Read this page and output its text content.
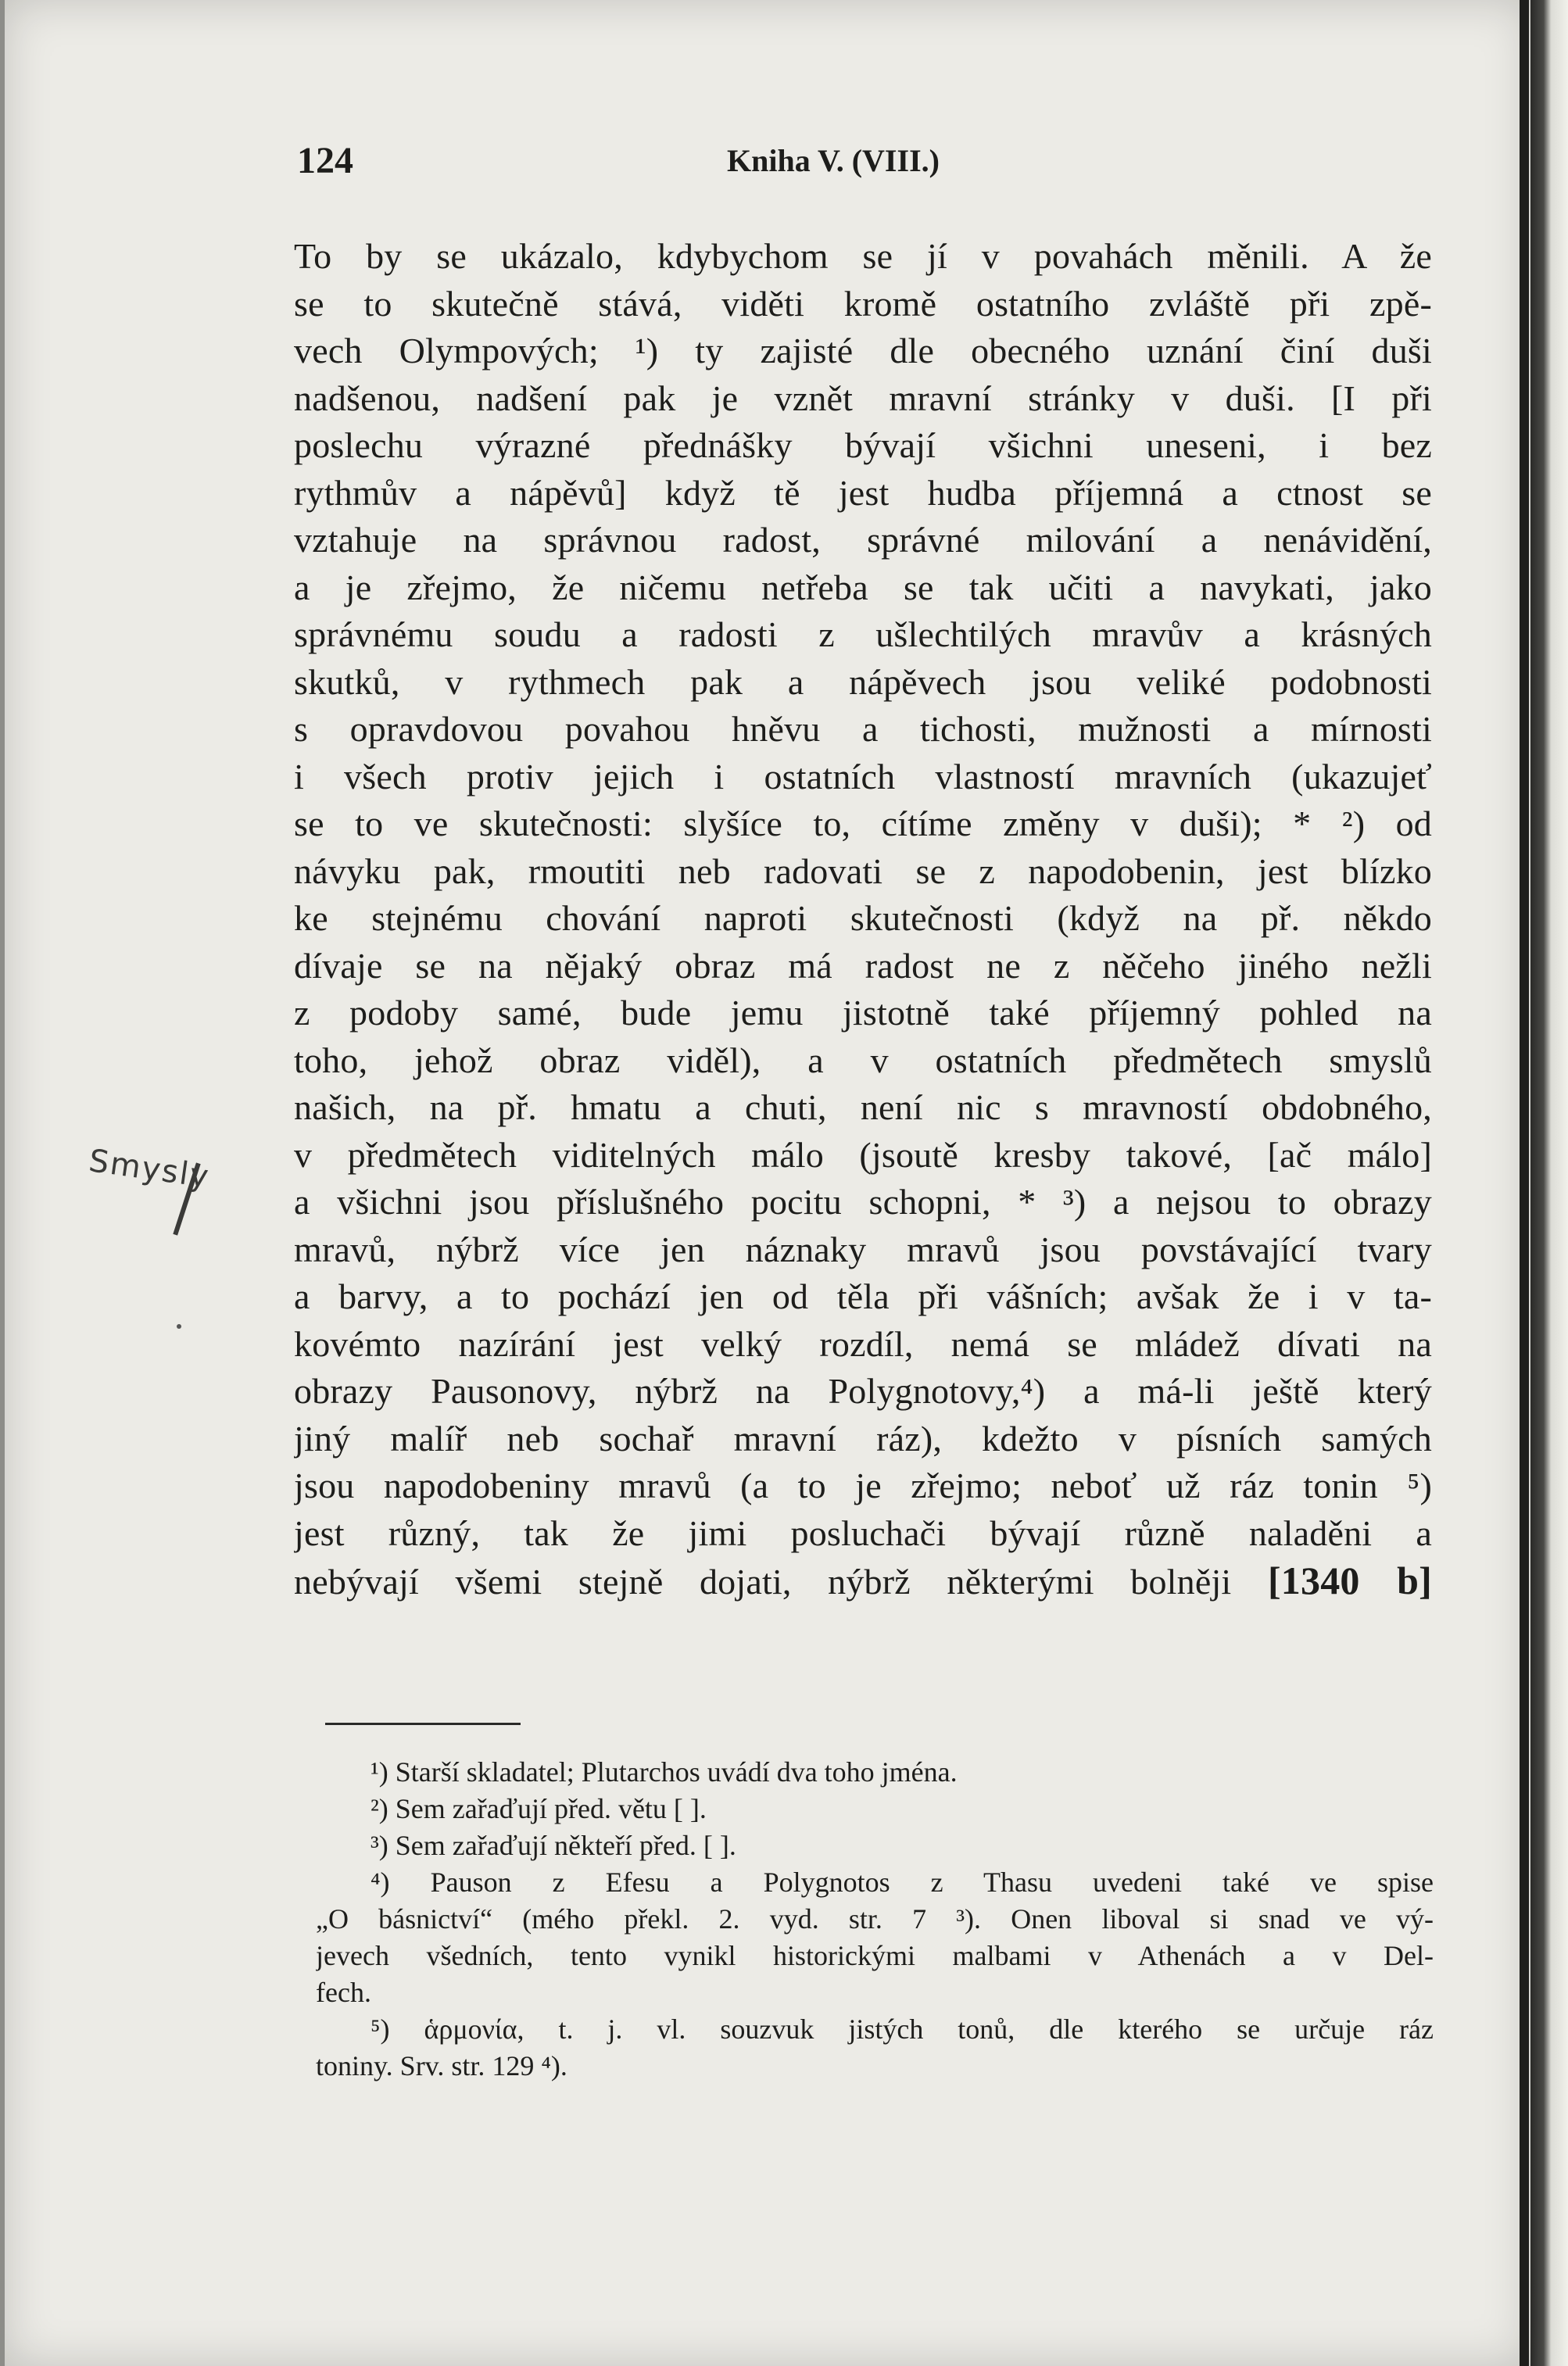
124	Kniha V. (VIII.)
To by se ukázalo, kdybychom se jí v povahách měnili. A že
se to skutečně stává, viděti kromě ostatního zvláště při zpě-
vech Olympových; ¹) ty zajisté dle obecného uznání činí duši
nadšenou, nadšení pak je vznět mravní stránky v duši. [I při
poslechu výrazné přednášky bývají všichni uneseni, i bez
rythmův a nápěvů] když tě jest hudba příjemná a ctnost se
vztahuje na správnou radost, správné milování a nenávidění,
a je zřejmo, že ničemu netřeba se tak učiti a navykati, jako
správnému soudu a radosti z ušlechtilých mravův a krásných
skutků, v rythmech pak a nápěvech jsou veliké podobnosti
s opravdovou povahou hněvu a tichosti, mužnosti a mírnosti
i všech protiv jejich i ostatních vlastností mravních (ukazujeť
se to ve skutečnosti: slyšíce to, cítíme změny v duši); * ²) od
návyku pak, rmoutiti neb radovati se z napodobenin, jest blízko
ke stejnému chování naproti skutečnosti (když na př. někdo
dívaje se na nějaký obraz má radost ne z něčeho jiného nežli
z podoby samé, bude jemu jistotně také příjemný pohled na
toho, jehož obraz viděl), a v ostatních předmětech smyslů
našich, na př. hmatu a chuti, není nic s mravností obdobného,
v předmětech viditelných málo (jsoutě kresby takové, [ač málo]
a všichni jsou příslušného pocitu schopni, * ³) a nejsou to obrazy
mravů, nýbrž více jen náznaky mravů jsou povstávající tvary
a barvy, a to pochází jen od těla při vášních; avšak že i v ta-
kovémto nazírání jest velký rozdíl, nemá se mládež dívati na
obrazy Pausonovy, nýbrž na Polygnotovy,⁴) a má-li ještě který
jiný malíř neb sochař mravní ráz), kdežto v písních samých
jsou napodobeniny mravů (a to je zřejmo; neboť už ráz tonin ⁵)
jest různý, tak že jimi posluchači bývají různě naladěni a
nebývají všemi stejně dojati, nýbrž některými bolněji [1340 b]
¹) Starší skladatel; Plutarchos uvádí dva toho jména.
²) Sem zařaďují před. větu [ ].
³) Sem zařaďují někteří před. [ ].
⁴) Pauson z Efesu a Polygnotos z Thasu uvedeni také ve spise
„O básnictví“ (mého překl. 2. vyd. str. 7 ³). Onen liboval si snad ve vý-
jevech všedních, tento vynikl historickými malbami v Athenách a v Del-
fech.
⁵) ἁρμονία, t. j. vl. souzvuk jistých tonů, dle kterého se určuje ráz
toniny. Srv. str. 129 ⁴).
Smysly
